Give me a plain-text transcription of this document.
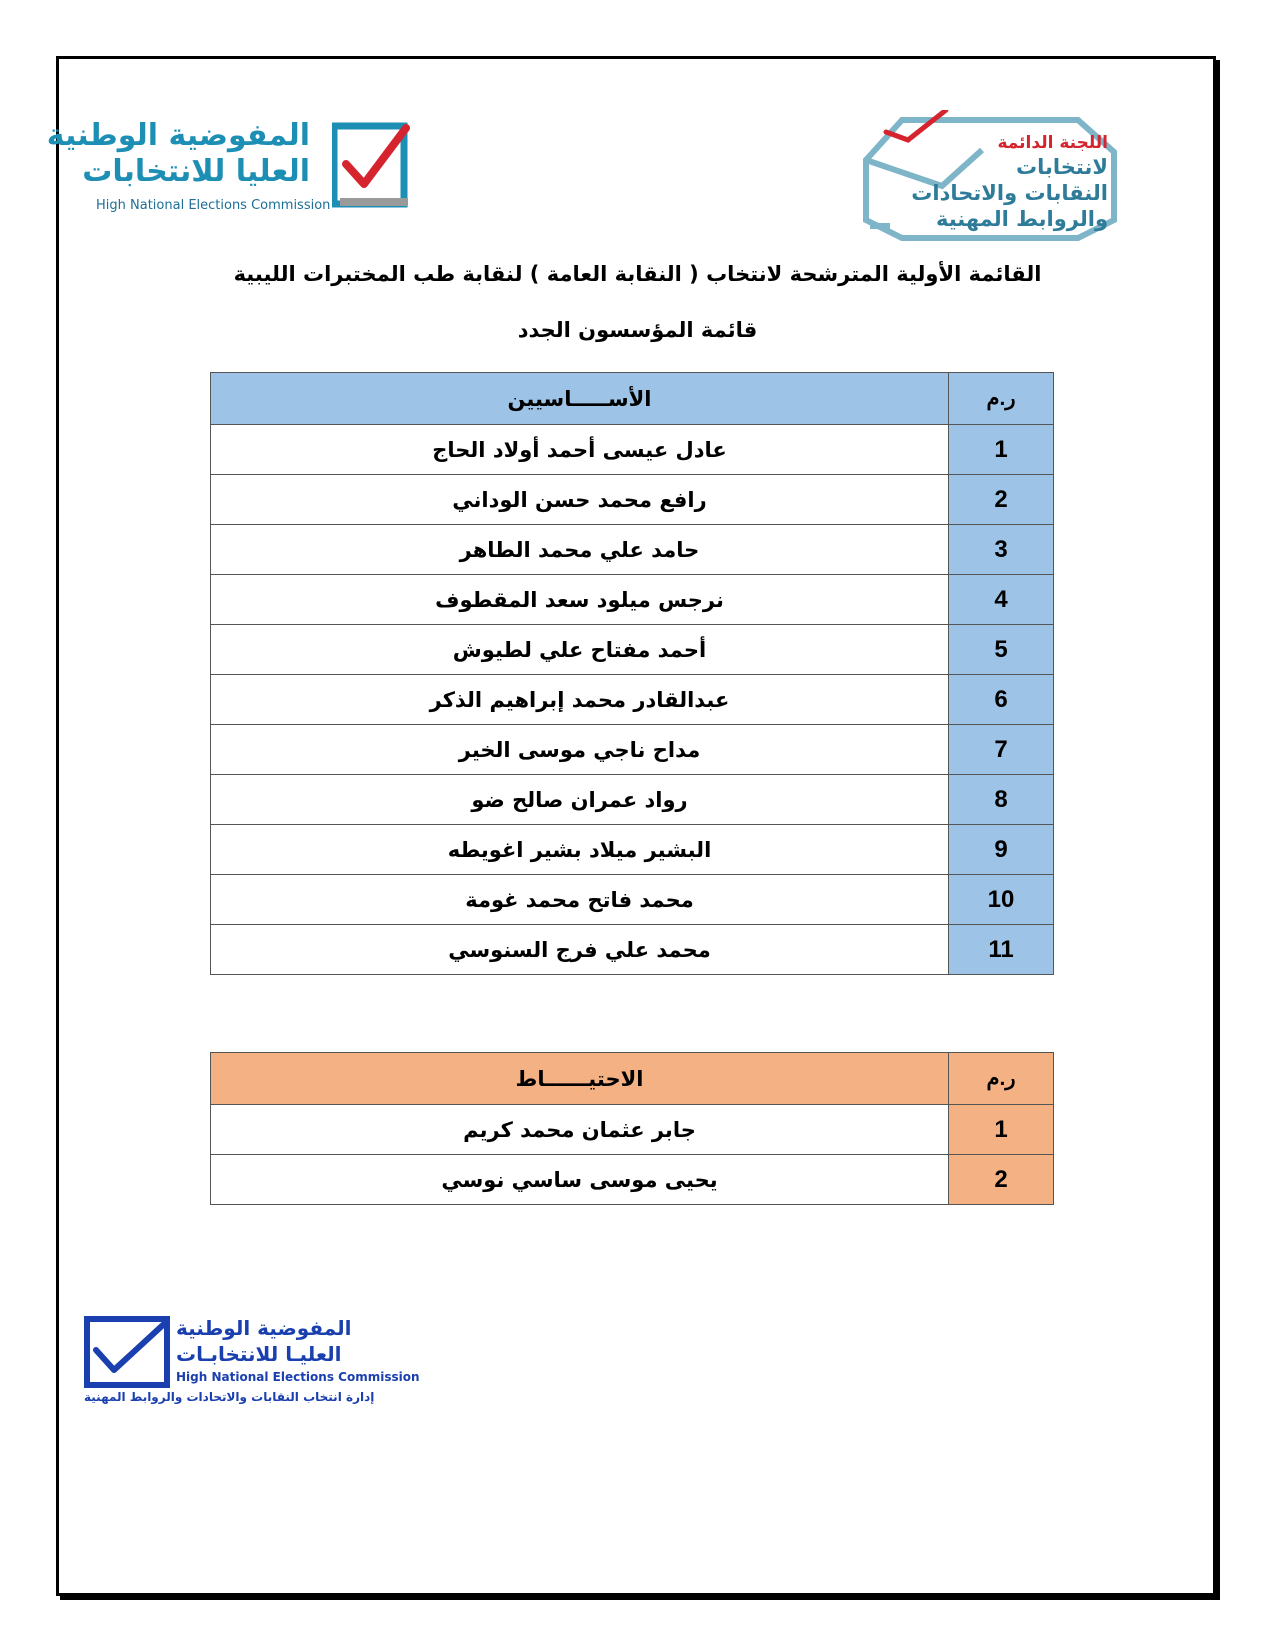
المفوضية الوطنية
العليا للانتخابات
High National Elections Commission
اللجنة الدائمة
لانتخابات
النقابات والاتحادات
والروابط المهنية
القائمة الأولية المترشحة لانتخاب ( النقابة العامة ) لنقابة طب المختبرات الليبية
قائمة المؤسسون الجدد
ر.م	الأســـــاسيين
1	عادل عيسى أحمد أولاد الحاج
2	رافع محمد حسن الوداني
3	حامد علي محمد الطاهر
4	نرجس ميلود سعد المقطوف
5	أحمد مفتاح علي لطيوش
6	عبدالقادر محمد إبراهيم الذكر
7	مداح ناجي موسى الخير
8	رواد عمران صالح ضو
9	البشير ميلاد بشير اغويطه
10	محمد فاتح محمد غومة
11	محمد علي فرج السنوسي
ر.م	الاحتيــــــاط
1	جابر عثمان محمد كريم
2	يحيى موسى ساسي نوسي
المفوضية الوطنية
العليـا للانتخابـات
High National Elections Commission
إدارة انتخاب النقابات والاتحادات والروابط المهنية
